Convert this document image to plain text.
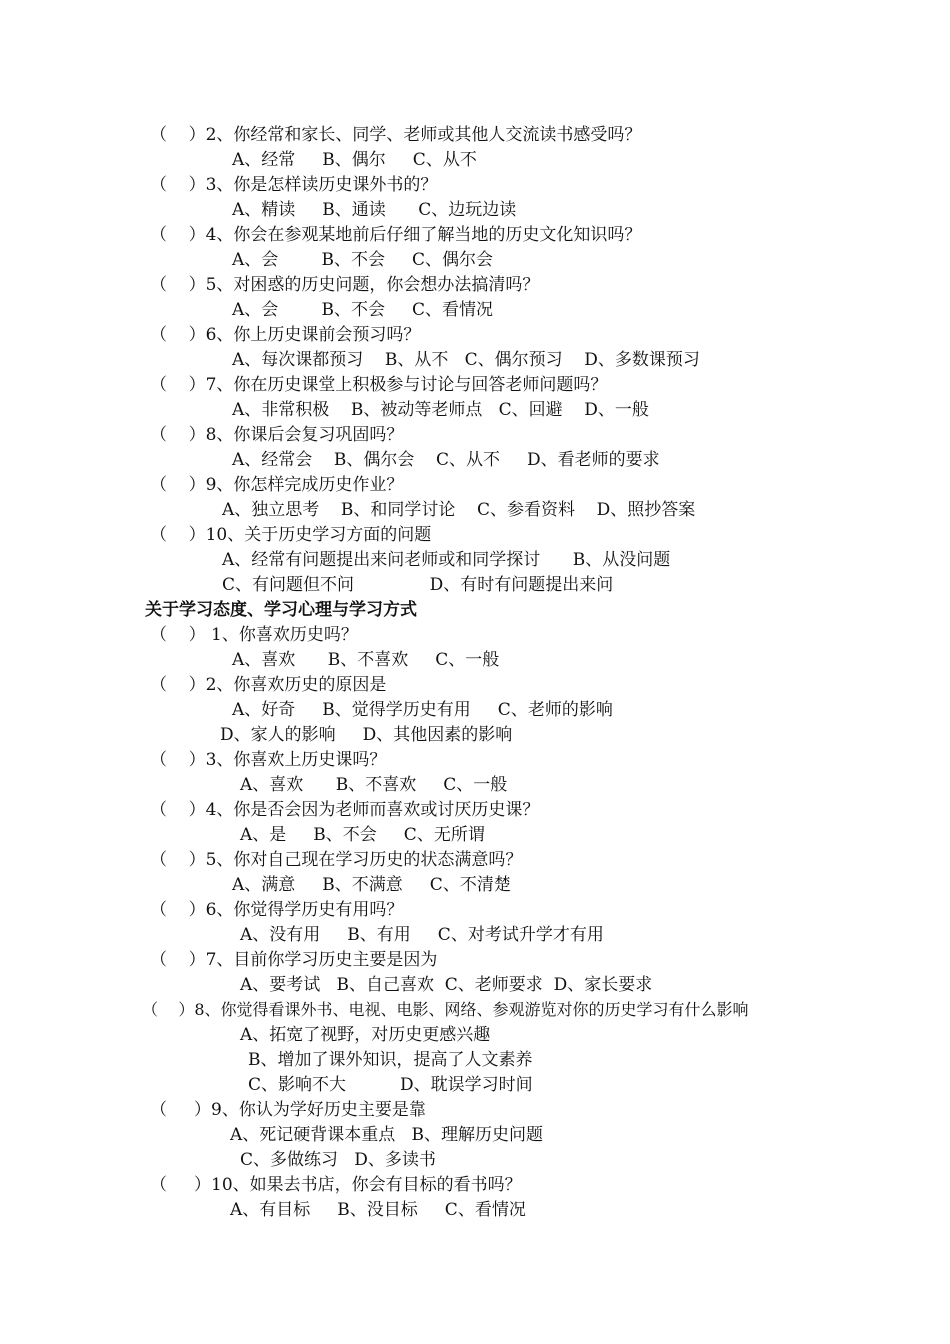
（    ）2、你经常和家长、同学、老师或其他人交流读书感受吗？
A、经常     B、偶尔     C、从不
（    ）3、你是怎样读历史课外书的？
A、精读     B、通读      C、边玩边读
（    ）4、你会在参观某地前后仔细了解当地的历史文化知识吗？
A、会        B、不会     C、偶尔会
（    ）5、对困惑的历史问题，你会想办法搞清吗？
A、会        B、不会     C、看情况
（    ）6、你上历史课前会预习吗？
A、每次课都预习    B、从不   C、偶尔预习    D、多数课预习
（    ）7、你在历史课堂上积极参与讨论与回答老师问题吗？
A、非常积极    B、被动等老师点   C、回避    D、一般
（    ）8、你课后会复习巩固吗？
A、经常会    B、偶尔会    C、从不     D、看老师的要求
（    ）9、你怎样完成历史作业？
A、独立思考    B、和同学讨论    C、参看资料    D、照抄答案
（    ）10、关于历史学习方面的问题
A、经常有问题提出来问老师或和同学探讨      B、从没问题
C、有问题但不问              D、有时有问题提出来问
关于学习态度、学习心理与学习方式
（    ） 1、你喜欢历史吗？
A、喜欢      B、不喜欢     C、一般
（    ）2、你喜欢历史的原因是
A、好奇     B、觉得学历史有用     C、老师的影响
D、家人的影响     D、其他因素的影响
（    ）3、你喜欢上历史课吗？
A、喜欢      B、不喜欢     C、一般
（    ）4、你是否会因为老师而喜欢或讨厌历史课？
A、是     B、不会     C、无所谓
（    ）5、你对自己现在学习历史的状态满意吗？
A、满意     B、不满意     C、不清楚
（    ）6、你觉得学历史有用吗？
A、没有用     B、有用     C、对考试升学才有用
（    ）7、目前你学习历史主要是因为
A、要考试   B、自己喜欢  C、老师要求  D、家长要求
（    ）8、你觉得看课外书、电视、电影、网络、参观游览对你的历史学习有什么影响
A、拓宽了视野，对历史更感兴趣
B、增加了课外知识，提高了人文素养
C、影响不大          D、耽误学习时间
（     ）9、你认为学好历史主要是靠
A、死记硬背课本重点   B、理解历史问题
C、多做练习   D、多读书
（     ）10、如果去书店，你会有目标的看书吗？
A、有目标     B、没目标     C、看情况
